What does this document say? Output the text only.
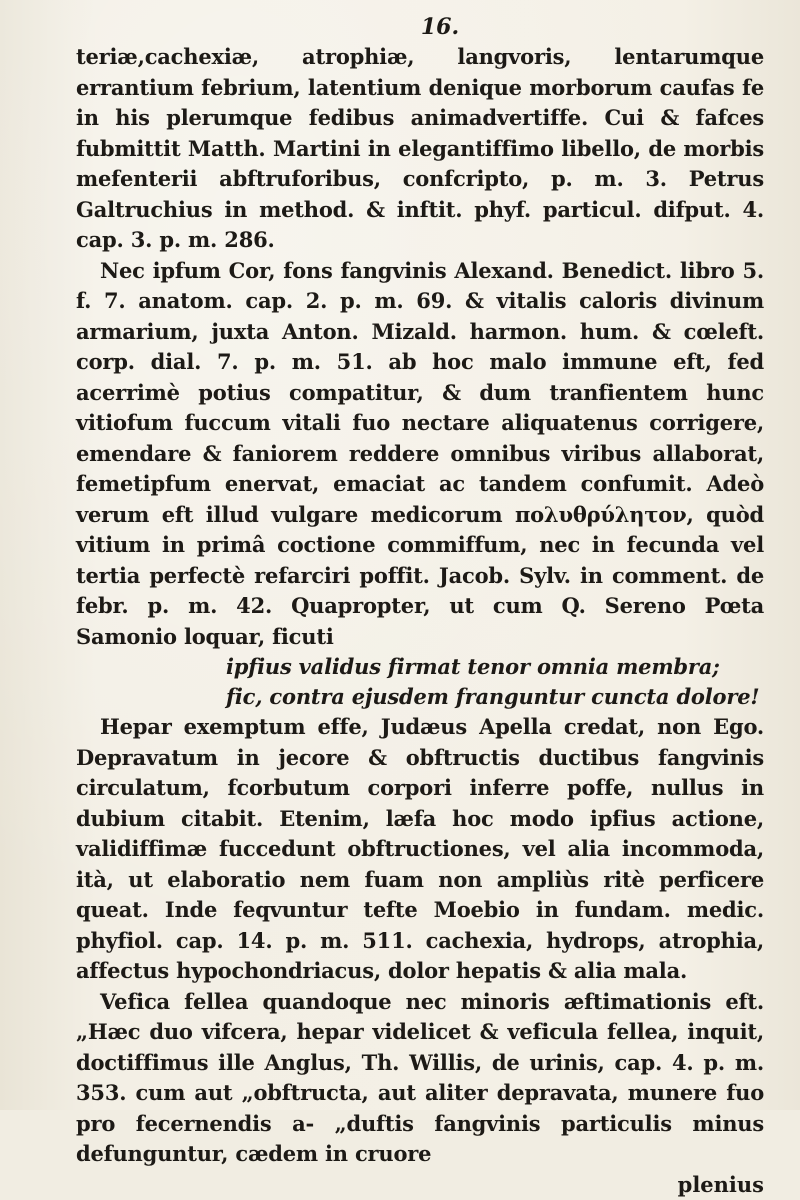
16.

teriæ,cachexiæ, atrophiæ, langvoris, lentarumque errantium febrium, latentium denique morborum caufas fe in his plerumque fedibus animadvertiffe. Cui & fafces fubmittit Matth. Martini in elegantiffimo libello, de morbis mefenterii abftruforibus, confcripto, p. m. 3. Petrus Galtruchius in method. & inftit. phyf. particul. difput. 4. cap. 3. p. m. 286.

Nec ipfum Cor, fons fangvinis Alexand. Benedict. libro 5. f. 7. anatom. cap. 2. p. m. 69. & vitalis caloris divinum armarium, juxta Anton. Mizald. harmon. hum. & cœleft. corp. dial. 7. p. m. 51. ab hoc malo immune eft, fed acerrimè potius compatitur, & dum tranfientem hunc vitiofum fuccum vitali fuo nectare aliquatenus corrigere, emendare & faniorem reddere omnibus viribus allaborat, femetipfum enervat, emaciat ac tandem confumit. Adeò verum eft illud vulgare medicorum πολυθρύλητον, quòd vitium in primâ coctione commiffum, nec in fecunda vel tertia perfectè refarciri poffit. Jacob. Sylv. in comment. de febr. p. m. 42. Quapropter, ut cum Q. Sereno Pœta Samonio loquar, ficuti

ipfius validus firmat tenor omnia membra;
fic, contra ejusdem franguntur cuncta dolore!

Hepar exemptum effe, Judæus Apella credat, non Ego. Depravatum in jecore & obftructis ductibus fangvinis circulatum, fcorbutum corpori inferre poffe, nullus in dubium citabit. Etenim, læfa hoc modo ipfius actione, validiffimæ fuccedunt obftructiones, vel alia incommoda, ità, ut elaboratio nem fuam non ampliùs ritè perficere queat. Inde feqvuntur tefte Moebio in fundam. medic. phyfiol. cap. 14. p. m. 511. cachexia, hydrops, atrophia, affectus hypochondriacus, dolor hepatis & alia mala.

Vefica fellea quandoque nec minoris æftimationis eft. „Hæc duo vifcera, hepar videlicet & veficula fellea, inquit, doctiffimus ille Anglus, Th. Willis, de urinis, cap. 4. p. m. 353. cum aut „obftructa, aut aliter depravata, munere fuo pro fecernendis a- „duftis fangvinis particulis minus defunguntur, cædem in cruore

plenius
